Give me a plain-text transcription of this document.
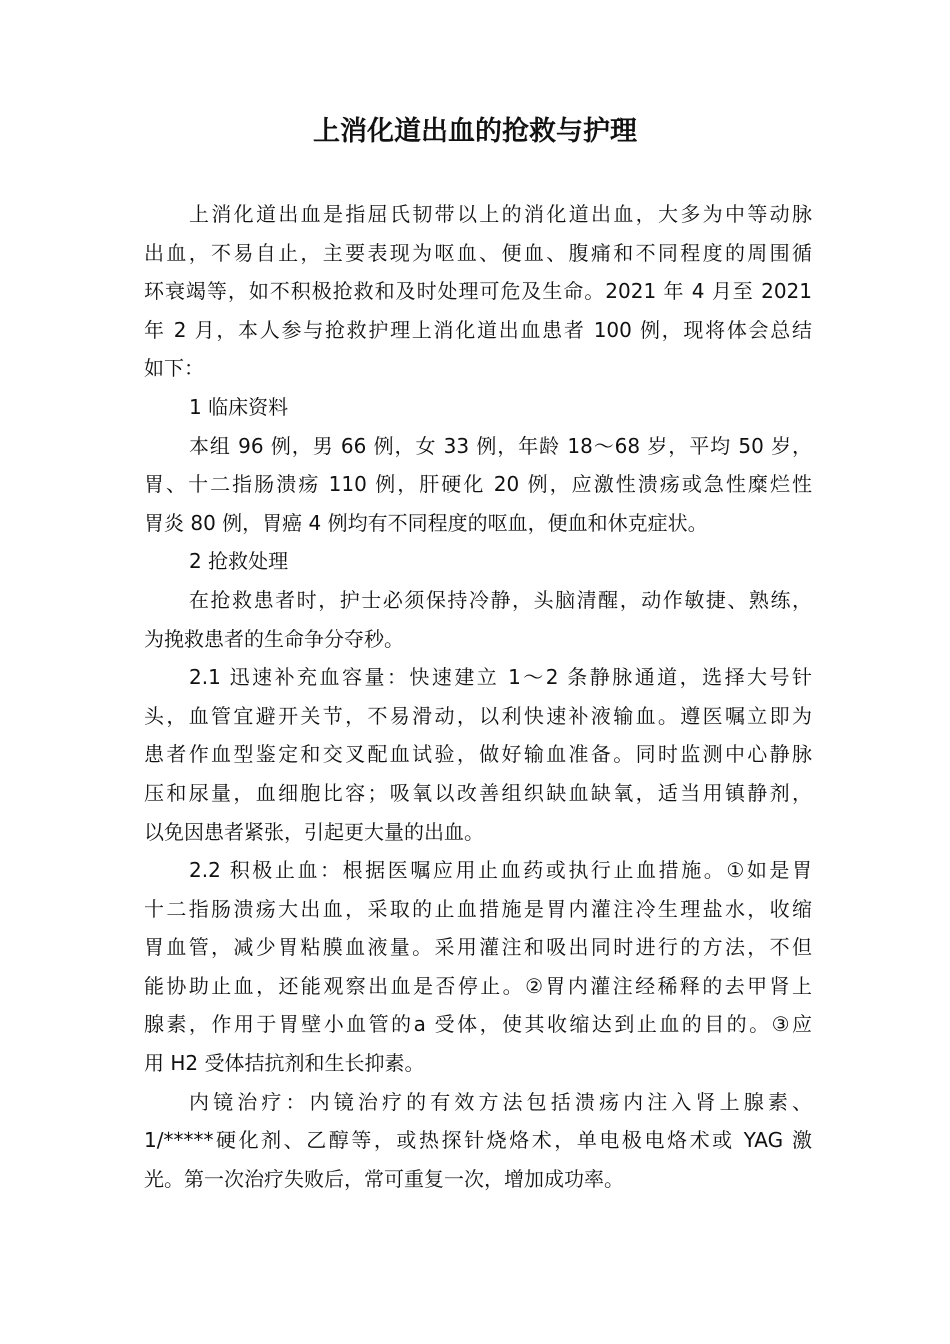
上消化道出血的抢救与护理
上消化道出血是指屈氏韧带以上的消化道出血，大多为中等动脉
出血，不易自止，主要表现为呕血、便血、腹痛和不同程度的周围循
环衰竭等，如不积极抢救和及时处理可危及生命。2021 年 4 月至 2021
年 2 月，本人参与抢救护理上消化道出血患者 100 例，现将体会总结
如下：
1 临床资料
本组 96 例，男 66 例，女 33 例，年龄 18～68 岁，平均 50 岁，
胃、十二指肠溃疡 110 例，肝硬化 20 例，应激性溃疡或急性糜烂性
胃炎 80 例，胃癌 4 例均有不同程度的呕血，便血和休克症状。
2 抢救处理
在抢救患者时，护士必须保持冷静，头脑清醒，动作敏捷、熟练，
为挽救患者的生命争分夺秒。
2.1 迅速补充血容量：快速建立 1～2 条静脉通道，选择大号针
头，血管宜避开关节，不易滑动，以利快速补液输血。遵医嘱立即为
患者作血型鉴定和交叉配血试验，做好输血准备。同时监测中心静脉
压和尿量，血细胞比容；吸氧以改善组织缺血缺氧，适当用镇静剂，
以免因患者紧张，引起更大量的出血。
2.2 积极止血：根据医嘱应用止血药或执行止血措施。①如是胃
十二指肠溃疡大出血，采取的止血措施是胃内灌注冷生理盐水，收缩
胃血管，减少胃粘膜血液量。采用灌注和吸出同时进行的方法，不但
能协助止血，还能观察出血是否停止。②胃内灌注经稀释的去甲肾上
腺素，作用于胃壁小血管的a 受体，使其收缩达到止血的目的。③应
用 H2 受体拮抗剂和生长抑素。
内镜治疗：内镜治疗的有效方法包括溃疡内注入肾上腺素、
1/*****硬化剂、乙醇等，或热探针烧烙术，单电极电烙术或 YAG 激
光。第一次治疗失败后，常可重复一次，增加成功率。
